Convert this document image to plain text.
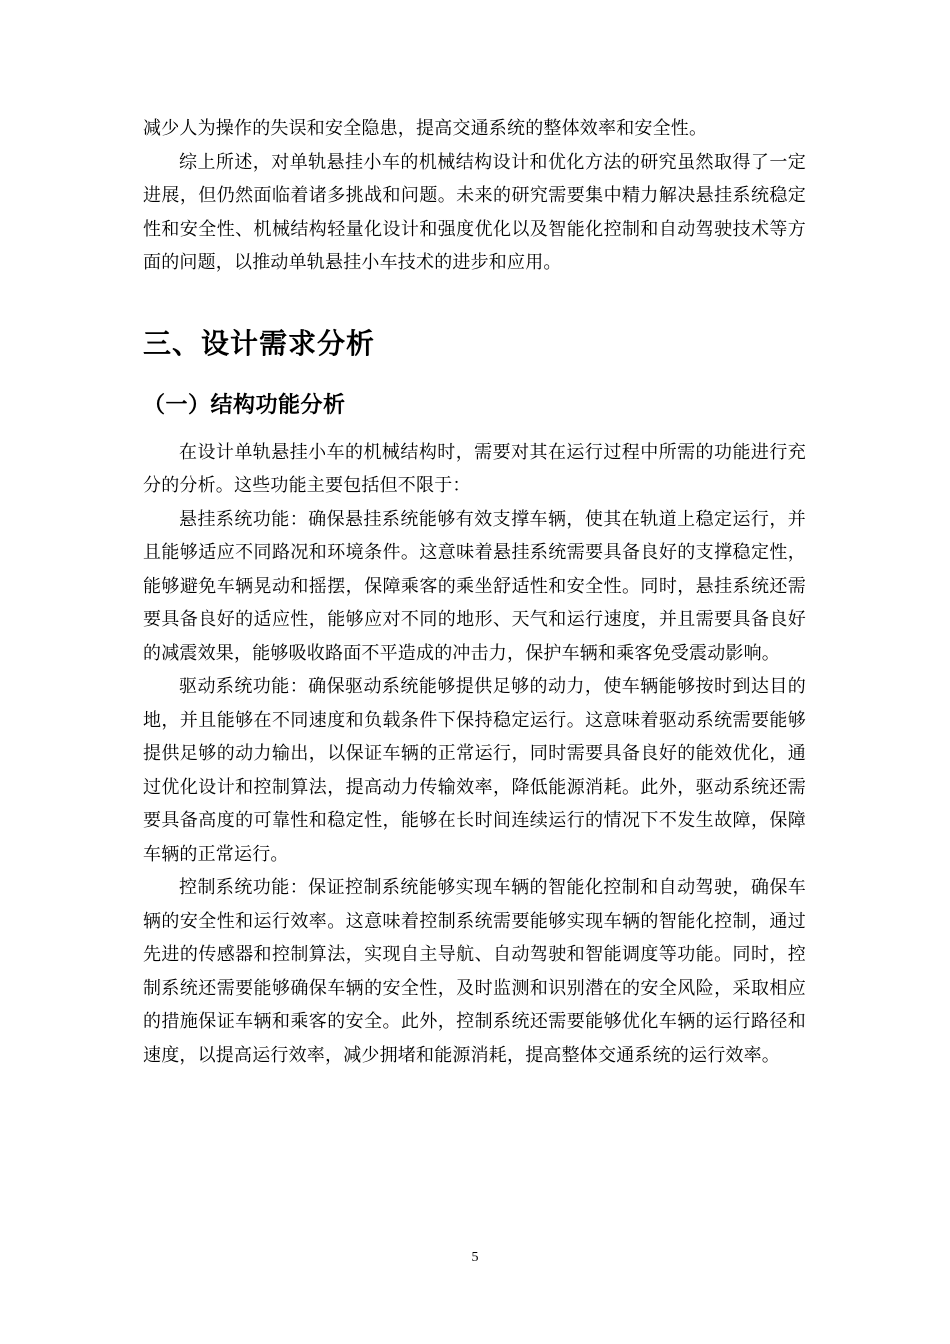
减少人为操作的失误和安全隐患，提高交通系统的整体效率和安全性。

综上所述，对单轨悬挂小车的机械结构设计和优化方法的研究虽然取得了一定进展，但仍然面临着诸多挑战和问题。未来的研究需要集中精力解决悬挂系统稳定性和安全性、机械结构轻量化设计和强度优化以及智能化控制和自动驾驶技术等方面的问题，以推动单轨悬挂小车技术的进步和应用。

三、设计需求分析
（一）结构功能分析

在设计单轨悬挂小车的机械结构时，需要对其在运行过程中所需的功能进行充分的分析。这些功能主要包括但不限于：

悬挂系统功能：确保悬挂系统能够有效支撑车辆，使其在轨道上稳定运行，并且能够适应不同路况和环境条件。这意味着悬挂系统需要具备良好的支撑稳定性，能够避免车辆晃动和摇摆，保障乘客的乘坐舒适性和安全性。同时，悬挂系统还需要具备良好的适应性，能够应对不同的地形、天气和运行速度，并且需要具备良好的减震效果，能够吸收路面不平造成的冲击力，保护车辆和乘客免受震动影响。

驱动系统功能：确保驱动系统能够提供足够的动力，使车辆能够按时到达目的地，并且能够在不同速度和负载条件下保持稳定运行。这意味着驱动系统需要能够提供足够的动力输出，以保证车辆的正常运行，同时需要具备良好的能效优化，通过优化设计和控制算法，提高动力传输效率，降低能源消耗。此外，驱动系统还需要具备高度的可靠性和稳定性，能够在长时间连续运行的情况下不发生故障，保障车辆的正常运行。

控制系统功能：保证控制系统能够实现车辆的智能化控制和自动驾驶，确保车辆的安全性和运行效率。这意味着控制系统需要能够实现车辆的智能化控制，通过先进的传感器和控制算法，实现自主导航、自动驾驶和智能调度等功能。同时，控制系统还需要能够确保车辆的安全性，及时监测和识别潜在的安全风险，采取相应的措施保证车辆和乘客的安全。此外，控制系统还需要能够优化车辆的运行路径和速度，以提高运行效率，减少拥堵和能源消耗，提高整体交通系统的运行效率。

5
